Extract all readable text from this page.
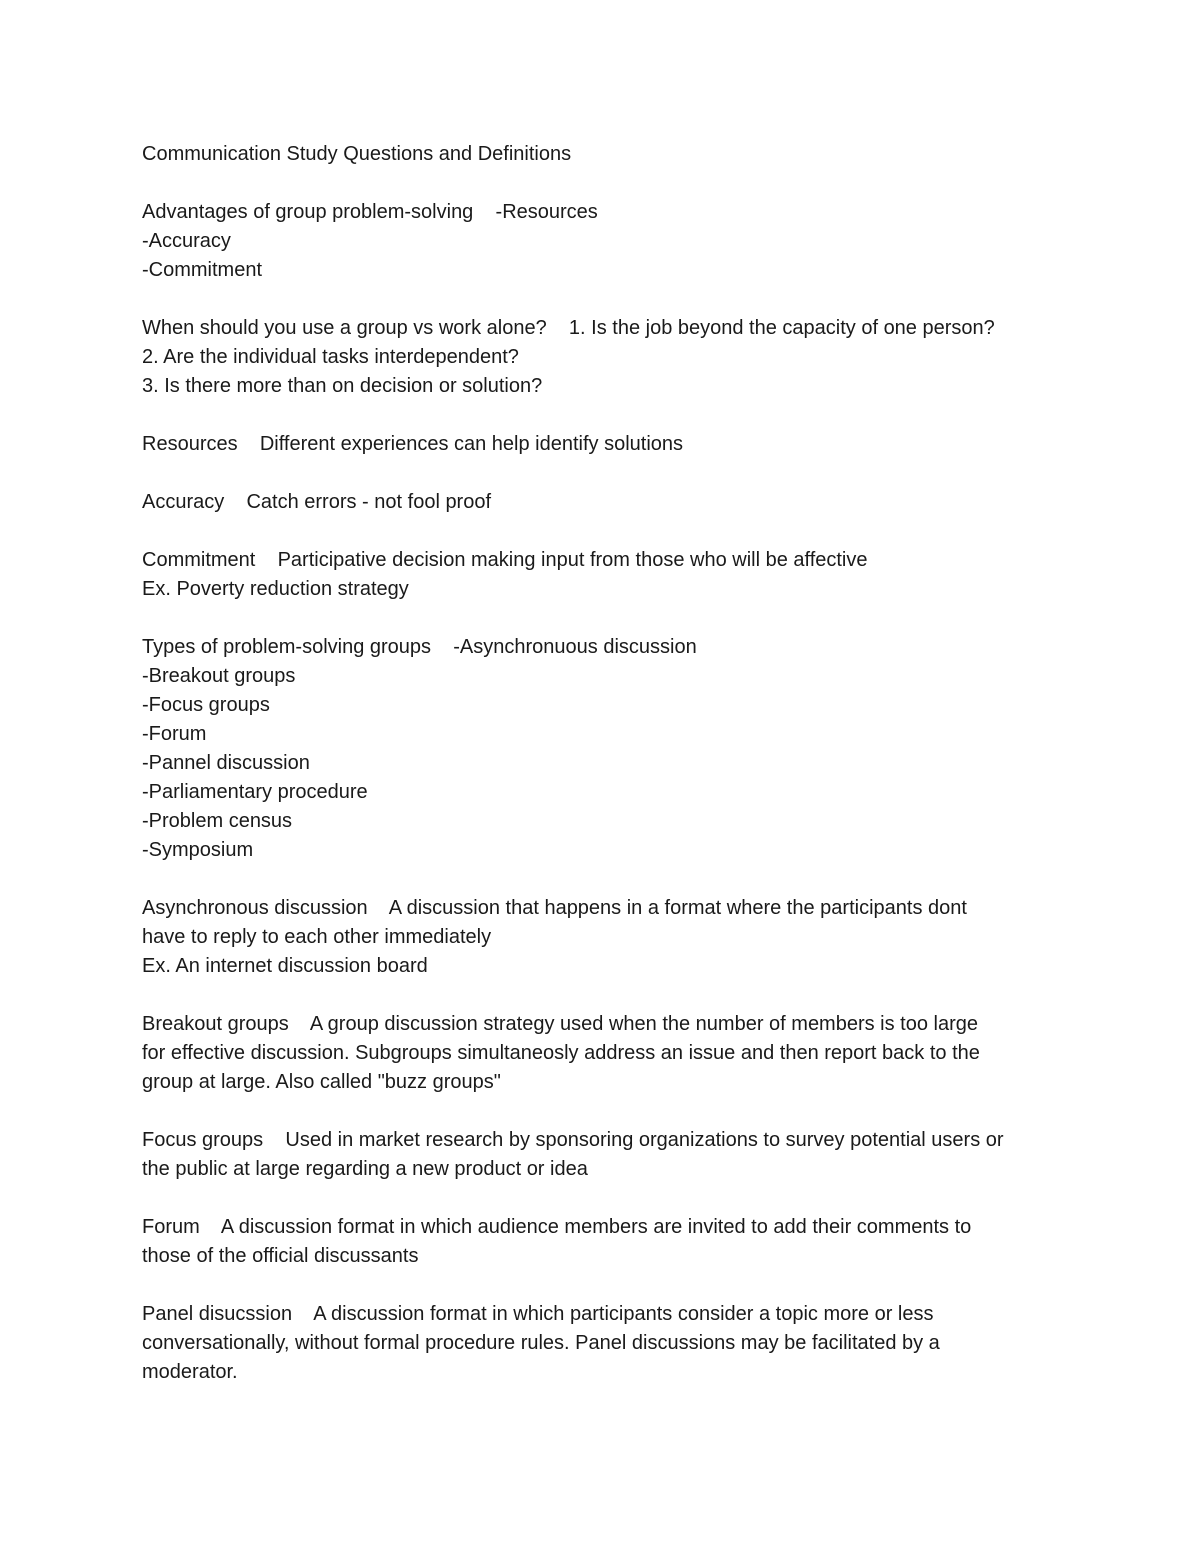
Communication Study Questions and Definitions

Advantages of group problem-solving    -Resources

-Accuracy

-Commitment

When should you use a group vs work alone?    1. Is the job beyond the capacity of one person?

2. Are the individual tasks interdependent?

3. Is there more than on decision or solution?

Resources    Different experiences can help identify solutions

Accuracy    Catch errors - not fool proof

Commitment    Participative decision making input from those who will be affective

Ex. Poverty reduction strategy

Types of problem-solving groups    -Asynchronuous discussion

-Breakout groups

-Focus groups

-Forum

-Pannel discussion

-Parliamentary procedure

-Problem census

-Symposium

Asynchronous discussion    A discussion that happens in a format where the participants dont

have to reply to each other immediately

Ex. An internet discussion board

Breakout groups    A group discussion strategy used when the number of members is too large

for effective discussion. Subgroups simultaneosly address an issue and then report back to the

group at large. Also called "buzz groups"

Focus groups    Used in market research by sponsoring organizations to survey potential users or

the public at large regarding a new product or idea

Forum    A discussion format in which audience members are invited to add their comments to

those of the official discussants

Panel disucssion    A discussion format in which participants consider a topic more or less

conversationally, without formal procedure rules. Panel discussions may be facilitated by a

moderator.
